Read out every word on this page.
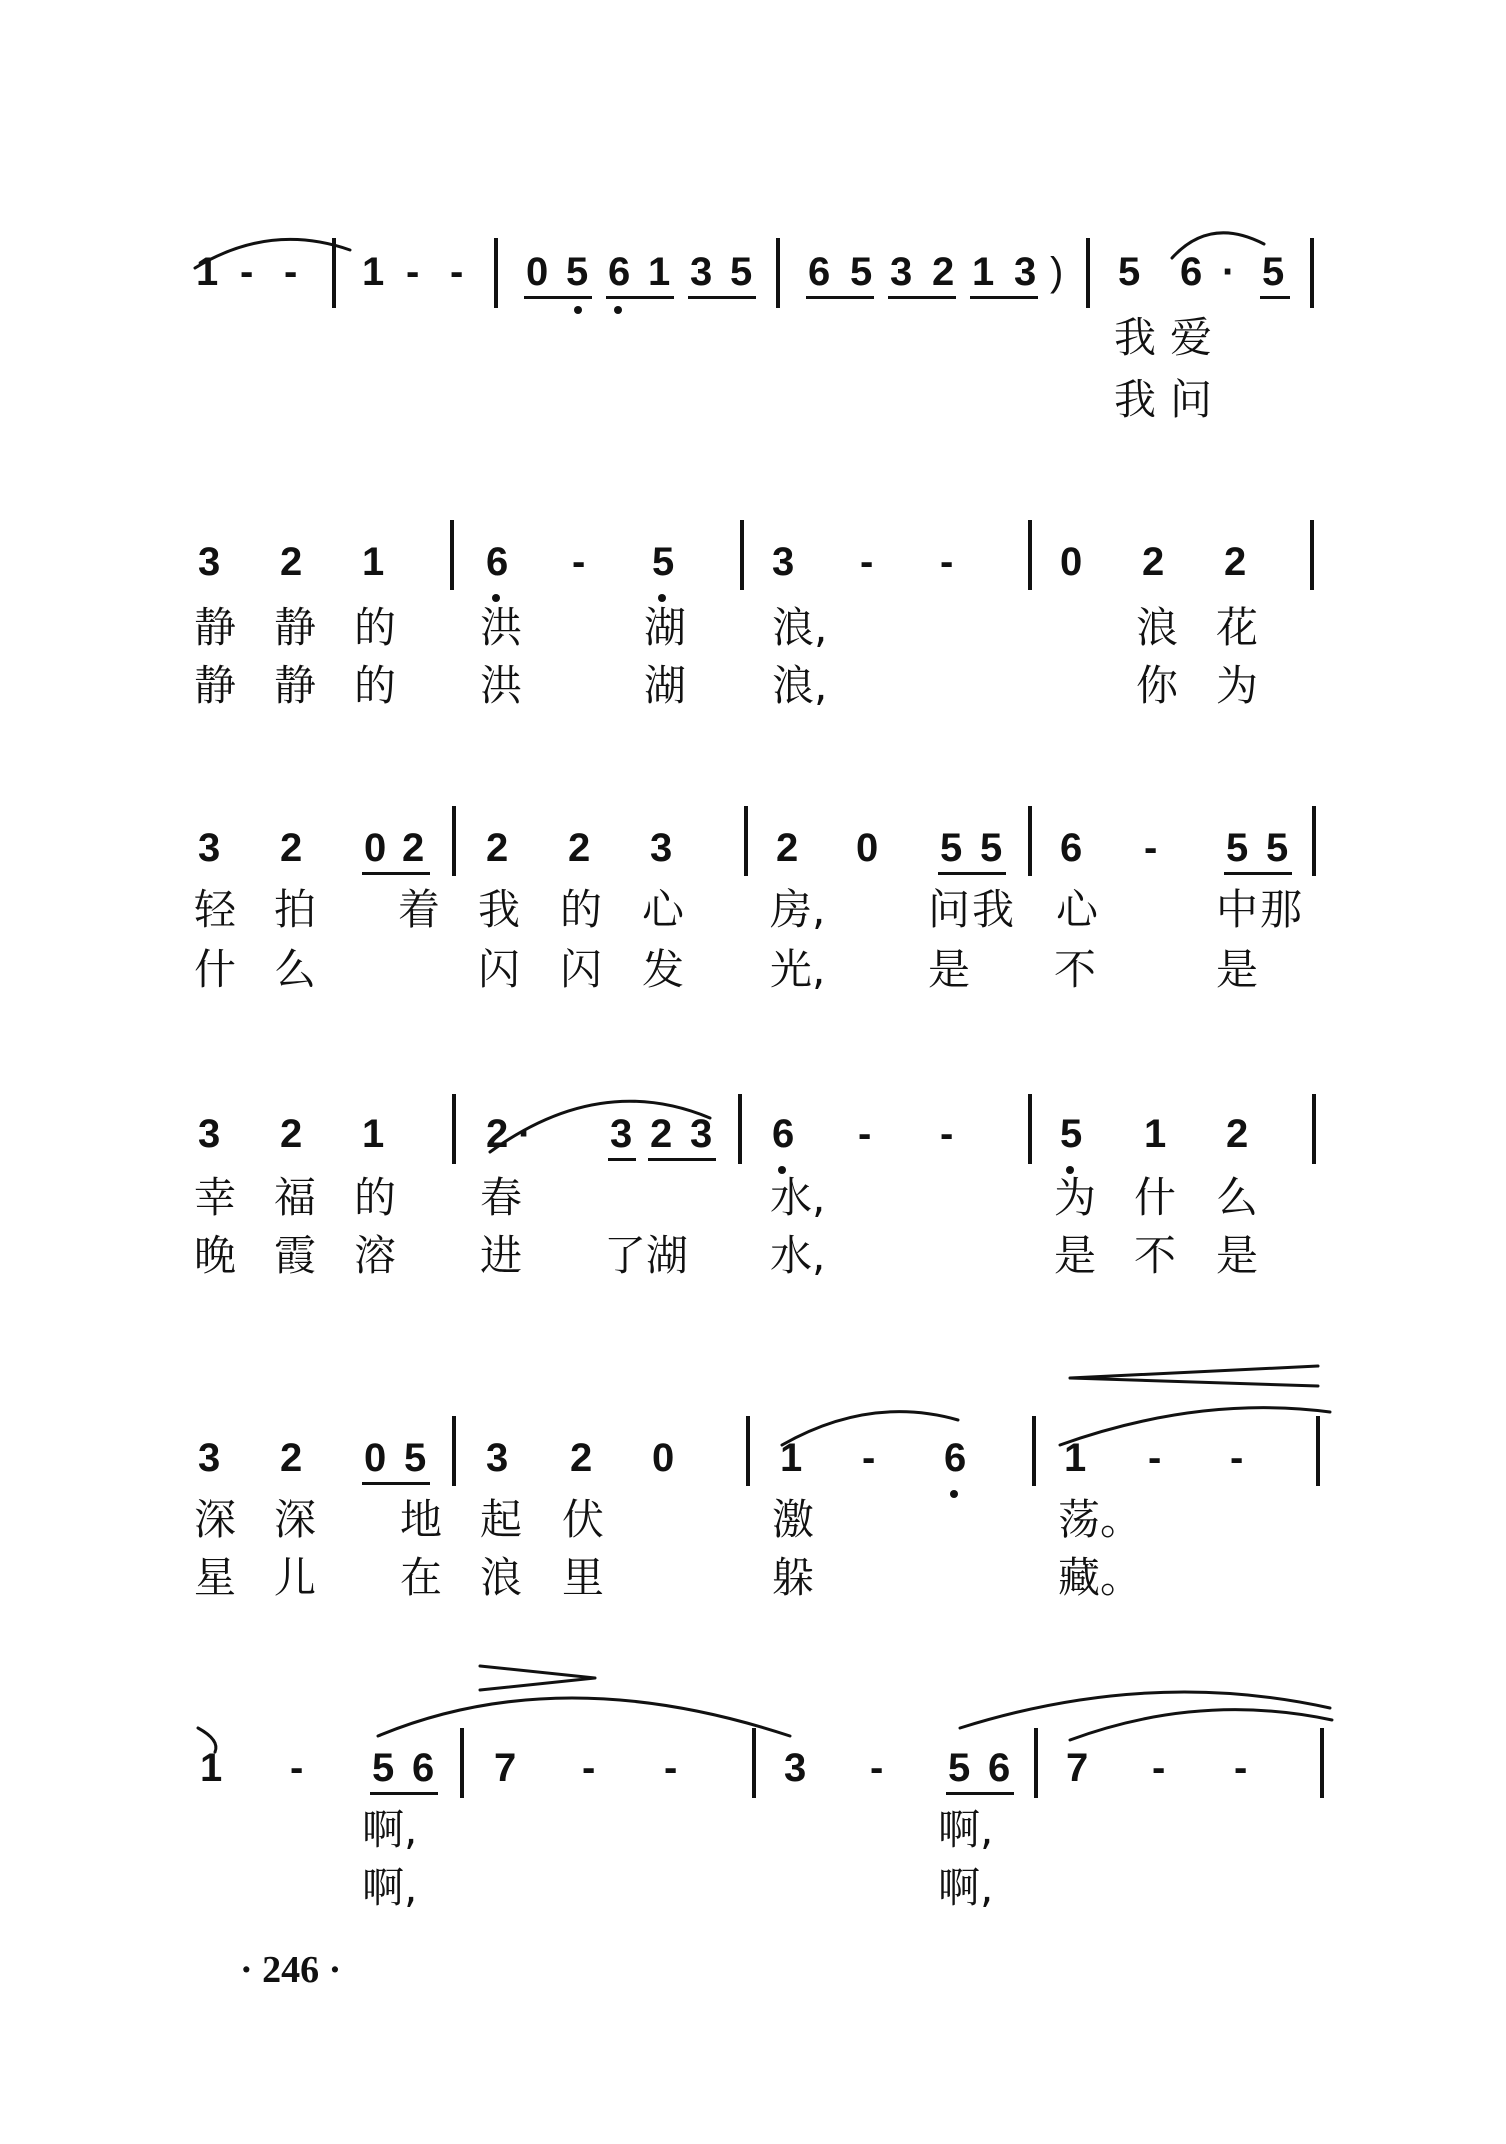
1 - - 1 - - 0 5 6 1 3 5 6 5 3 2 1 3 ) 5 6 · 5
我 爱
我 问
3 2 1	6 - 5 3 - -	0 2 2
静 静 的 洪	湖 浪,	浪 花
静 静 的 洪	湖 浪,	你 为
3 2 0 2 2 2 3	2 0 5 5 6 - 5 5
轻 拍 着 我 的 心 房, 问 我 心	中 那
什 么	闪 闪 发 光, 是 不	是
3 2 1	2 · 3 2 3 6 - -	5 1 2
幸 福 的 春	水,	为 什 么
晚 霞 溶 进 了 湖 水,	是 不 是
3 2 0 5 3 2 0	1 - 6 1 - -
深 深 地 起 伏	激	荡。
星 儿 在 浪 里	躲	藏。
1 - 5 6 7 - -	3 - 5 6 7 - -
啊,	啊,
啊,	啊,
· 246 ·
